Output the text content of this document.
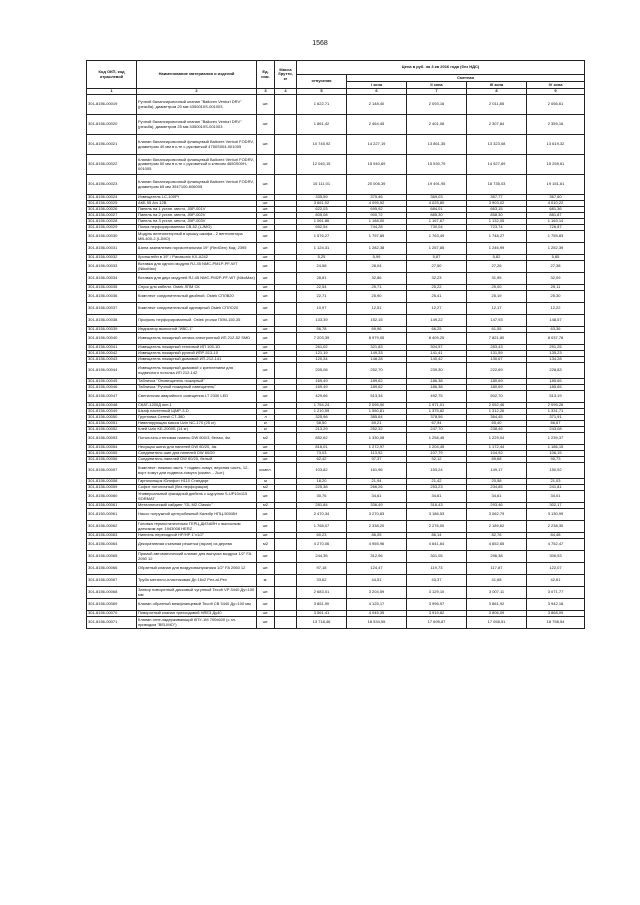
1568
Код ОКП, код отраслевой	Наименование материалов и изделий	Ед. изм.	Масса брутто, кг	Цена в руб. на 3 кв 2016 года (без НДС)				
				отпускная	Сметная			
					I зона	II зона	III зона	IV зона
1	2	3	4	5	6	7	8	9
301-8156-00019	Ручной балансировочный клапан "Ballorex Venturi DRV" (резьба), диаметром 20 мм 4350010S-001003	шт.		1 622,71	2 148,40	2 093,16	2 011,85	2 056,61
301-8156-00020	Ручной балансировочный клапан "Ballorex Venturi DRV" (резьба), диаметром 25 мм 4350010S-001003	шт.		1 861,42	2 464,45	2 401,08	2 307,84	2 359,16
301-8156-00021	Клапан балансировочный фланцевый Ballorex Venturi FODRV, диаметром 40 мм в к-те с руковиткой 4750S004-001005	шт.		10 745,92	14 227,19	13 861,35	13 323,08	13 619,32
301-8156-00022	Клапан балансировочный фланцевый Ballorex Venturi FODRV, диаметром 50 мм в к-те с руковиткой и ключом 4650S00H-001005	шт.		12 040,15	15 940,69	15 530,79	14 927,69	15 259,61
301-8156-00023	Клапан балансировочный фланцевый Ballorex Venturi FODRV, диаметром 65 мм 3947100-606005	шт.		15 111,01	20 006,39	19 491,95	18 735,03	19 151,61
301-8156-00024	Извещатель LC-100PI	шт.		335,59	375,46	369,03	357,77	367,60
301-8156-00025	АКБ 55 А/ч 12В	шт.		3 661,02	4 095,92	4 025,80	3 903,02	4 010,22
301-8156-00026	Панель на 1 устан. место, JBP-001V	шт.		622,03	695,92	684,01	663,15	681,36
301-8156-00027	Панель на 2 устан. места, JBP-002V	шт.		805,08	900,72	885,30	858,30	881,87
301-8156-00028	Панель на 3 устан. места, JBP-003V	шт.		1 061,86	1 188,00	1 167,67	1 132,05	1 163,14
301-8156-00029	Полка перфорированная СВ-52 (LJMO)	шт.		652,54	744,28	730,04	723,74	726,87
301-8156-00030	Модуль вентиляторный в крышу шкафа - 2 вентилятора МВ-400-2 (LJMO)	шт.		1 576,27	1 797,89	1 763,49	1 748,27	1 755,83
301-8156-00031	Шина заземления горизонтальная 19" (RedGen) Код: 2395	шт.		1 124,31	1 282,38	1 257,85	1 246,99	1 252,39
301-8156-00032	Кронштейн в 19" / Panasonic KX-A242	шт.		5,25	5,99	5,87	5,82	5,85
301-8156-00033	Вставка для одного модуля RJ-45 NMC-PM1P-PF-WT (NikoMax)	шт.		24,58	28,04	27,50	27,26	27,38
301-8156-00034	Вставка для двух модулей RJ-45 NMC-PM2P-PF-WT (NikoMax)	шт.		28,81	32,86	32,23	31,95	32,09
301-8156-00035	Спуск для кабеля. Ostek ЛПМ СК	шт.		22,54	25,71	25,22	25,00	25,11
301-8156-00036	Комплект соединительный двойной. Ostek СПЛВ20	шт.		22,71	25,90	25,41	25,19	25,30
301-8156-00037	Комплект соединительный одинарный Ostek СПЛО20	шт.		10,97	12,51	12,27	12,17	12,22
301-8156-00038	Профиль перфорированный. Ostek уголки ПЛМ-150,35	шт.		133,39	152,15	149,22	147,93	148,57
301-8156-00039	Индикатор выносной "ИВС-1"	шт.		56,78	69,96	66,25	61,55	63,36
301-8156-00040	Извещатель пожарный оптико-электронный ИП 212-52 SMD	шт.		7 203,39	8 979,05	8 409,25	7 821,80	8 037,78
301-8156-00041	Извещатель пожарный тепловой ИП 105-1D	шт.		261,02	321,83	304,57	283,43	291,25
301-8156-00042	Извещатель пожарный ручной ИПР-513-10	шт.		121,19	149,33	141,41	131,59	135,23
301-8156-00043	Извещатель пожарный дымовой ИП-212-141	шт.		120,34	148,28	140,42	130,67	134,28
301-8156-00044	Извещатель пожарный дымовой с креплением для подвесного потолка ИП 212-142	шт.		205,08	252,70	239,30	222,69	228,83
301-8156-00045	Табличка "Оповещатель пожарный"	шт.		169,49	189,62	186,38	180,69	185,65
301-8156-00046	Табличка "Ручной пожарный извещатель"	шт.		169,49	189,62	186,38	180,69	185,65
301-8156-00047	Светильник аварийного освещения LT 2330 LED	шт.		429,66	513,34	492,75	502,70	513,19
301-8156-00048	СКАТ-1200Д исп.1	шт.		1 754,24	2 095,90	1 971,01	2 052,46	2 095,26
301-8156-00049	Шкаф настенный ЩМР-3-D	шт.		1 210,59	1 550,81	1 375,82	1 312,26	1 331,71
301-8156-00050	Грунтовка Ceresit СТ-380	л		325,98	385,64	378,56	364,45	371,91
301-8156-00051	Нивелирующая масса Uzin NC-170 (25 кг)	кг		58,50	69,21	67,94	65,40	66,67
301-8156-00052	Клей Uzin KE-2000S (14 кг)	кг		213,29	252,32	247,70	238,46	243,08
301-8156-00053	Потолочно-стеновая панель DW 600/3, белая, 4м	м2		852,62	1 330,08	1 258,45	1 229,04	1 239,37
301-8156-00054	Несущая шина для панелей DW 60/20, 4м	шт.		816,01	1 272,97	1 204,45	1 172,44	1 186,15
301-8156-00055	Соединитель шин для панелей DW 60/20	шт.		73,03	113,92	107,79	104,92	106,15
301-8156-00056	Соединитель панелей DW 60/20, белый	шт.		62,42	97,37	92,12	89,68	90,73
301-8156-00057	Комплект: нижняя часть + подвес-хомут, верхняя часть, 12-ворт хомут для подвеса-хомута (компл. - 2шт.)	компл.		103,82	161,96	153,24	149,17	150,92
301-8156-00058	Гарнизонщик Юлифон Н110 Стандарт	м		18,20	21,94	21,42	20,58	21,03
301-8156-00059	Софит потолочный (без перфорации)	м2		225,38	266,26	253,23	234,85	241,81
301-8156-00060	Универсальный фасадный дюбель с шурупом S-UP10х115 SORMAT	шт.		30,76	34,61	34,61	34,61	34,01
301-8156-00061	Металлический сайдинг "GL M2 Classic"	м2		281,84	336,49	316,43	293,46	302,17
301-8150-00061	Насос погружной центробежный Калибр НПЦ-500/8Н	шт.		2 470,34	3 270,83	3 186,53	3 062,79	3 130,99
301-8156-00062	Головка термостатическая ГЕРЦ-ДИЗАЙН с выносным датчиком арт. 1943008 HERZ	шт.		1 768,07	2 338,20	2 276,00	2 189,62	2 238,30
301-8156-00063	Ниппель переходной НР/НР 1"х1/2"	шт.		60,23	86,05	86,14	82,76	84,48
301-8156-00064	Декоративная съемная решетка (экран) из дерева	м2		4 270,06	4 955,96	4 641,64	4 652,65	4 752,47
301-8156-00065	Прямой автоматический клапан для выпуска воздуха 1/2" FA 2050 12	шт.		244,35	312,96	301,05	296,38	306,93
301-8156-00066	Обратный клапан для воздуховыпускника 1/2" FA 2060 12	шт.		97,18	124,47	119,73	117,87	122,07
301-8156-00067	Труба металло-пластиковая Дн 16х2 Pex-al-Pex	м.		33,62	44,51	43,37	41,68	42,61
301-8156-00068	Затвор поворотный дисковый чугунный Tecofi VP 3440 Ду=100 мм	шт.		2 683,01	3 204,59	3 129,10	3 007,11	3 071,77
301-8156-00069	Клапан обратный межфланцевый Tecofi CB 3440 Ду=100 мм	шт.		3 851,90	4 125,17	3 996,97	3 861,92	3 942,18
301-8156-00070	Поворотный клапан трехходовой HRE3 Ду40	шт.		3 561,41	4 045,35	3 919,82	3 806,09	3 868,09
301-8156-00071	Клапан огне-задерживающий КПУ-1М 700х600 (с эл. приводом "BELIMO")	шт.		13 718,46	18 534,55	17 695,87	17 058,51	18 758,54
